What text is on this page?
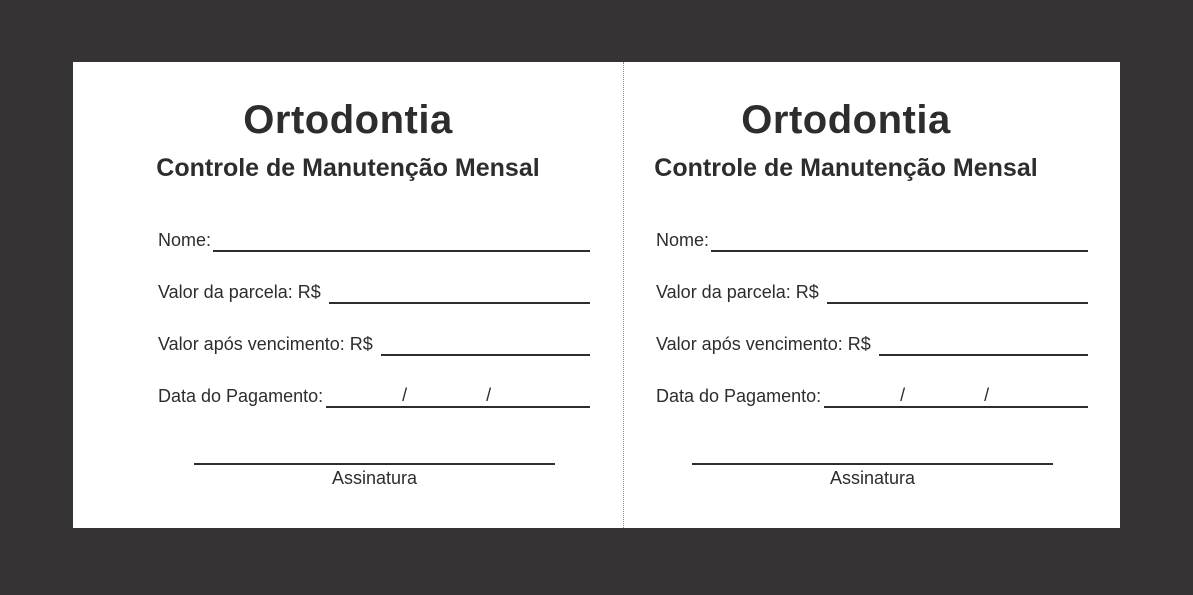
Ortodontia
Controle de Manutenção Mensal
Nome:
Valor da parcela: R$
Valor após vencimento: R$
Data do Pagamento:	/	/
Assinatura
Ortodontia
Controle de Manutenção Mensal
Nome:
Valor da parcela: R$
Valor após vencimento: R$
Data do Pagamento:	/	/
Assinatura
